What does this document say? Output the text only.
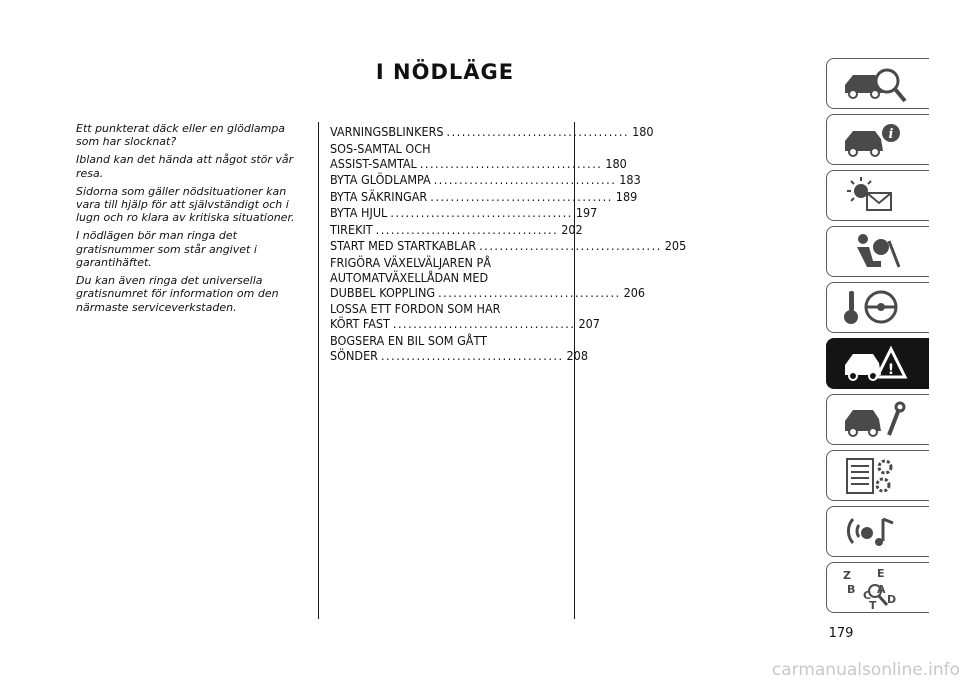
I NÖDLÄGE

Ett punkterat däck eller en glödlampa som har slocknat?

Ibland kan det hända att något stör vår resa.

Sidorna som gäller nödsituationer kan vara till hjälp för att självständigt och i lugn och ro klara av kritiska situationer.

I nödlägen bör man ringa det gratisnummer som står angivet i garantihäftet.

Du kan även ringa det universella gratisnumret för information om den närmaste serviceverkstaden.

VARNINGSBLINKERS .................................... 180
SOS-SAMTAL OCH
ASSIST-SAMTAL .................................... 180
BYTA GLÖDLAMPA .................................... 183
BYTA SÄKRINGAR .................................... 189
BYTA HJUL .................................... 197
TIREKIT .................................... 202
START MED STARTKABLAR .................................... 205
FRIGÖRA VÄXELVÄLJAREN PÅ
AUTOMATVÄXELLÅDAN MED
DUBBEL KOPPLING .................................... 206
LOSSA ETT FORDON SOM HAR
KÖRT FAST .................................... 207
BOGSERA EN BIL SOM GÅTT
SÖNDER .................................... 208
i
!
Z E
B C A
D
T
179
carmanualsonline.info
